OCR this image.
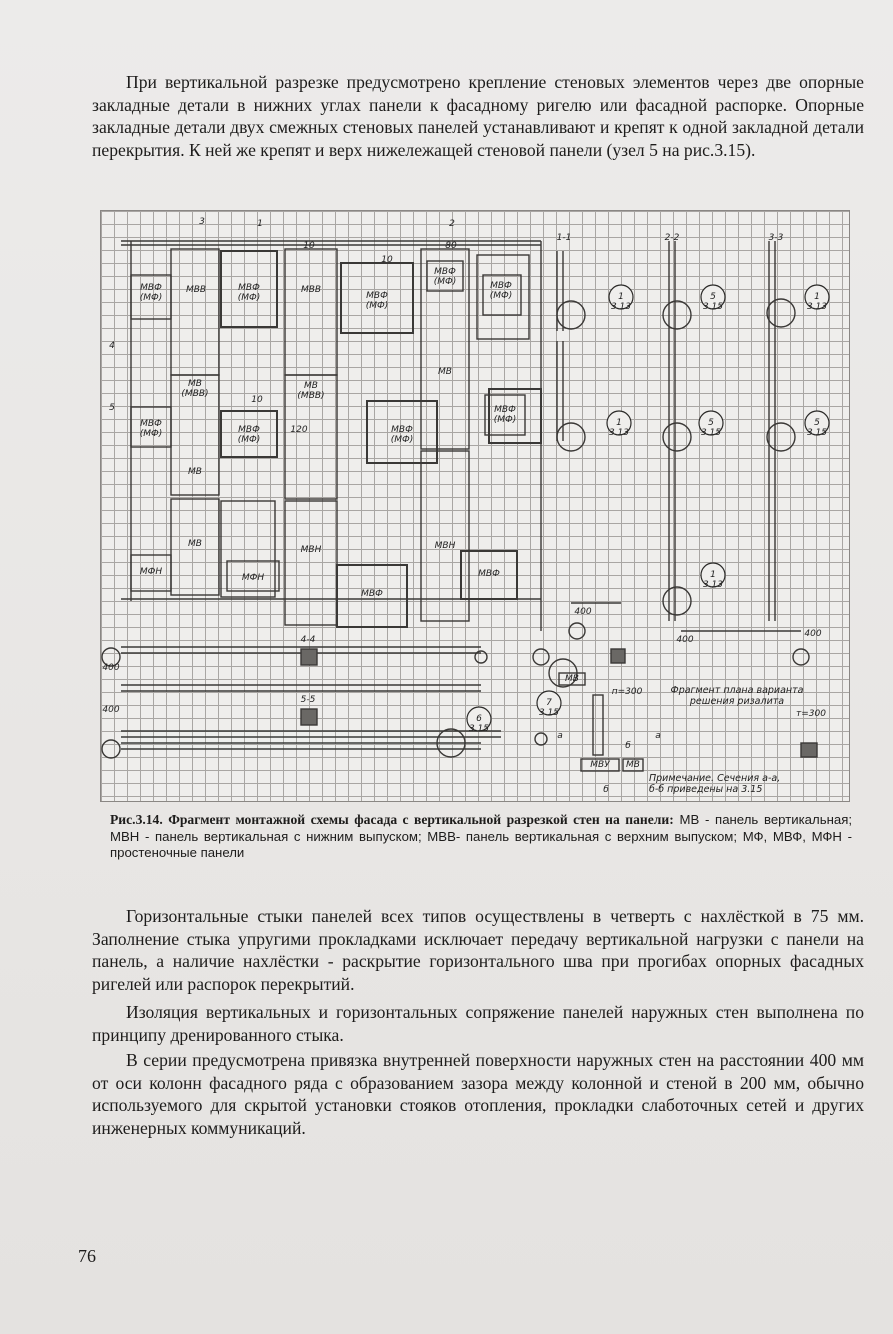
При вертикальной разрезке предусмотрено крепление стеновых элементов через две опорные закладные детали в нижних углах панели к фасадному ригелю или фасадной распорке. Опорные закладные детали двух смежных стеновых панелей устанавливают и крепят к одной закладной детали перекрытия. К ней же крепят и верх нижележащей стеновой панели (узел 5 на рис.3.15).

МВФ
(МФ)
МВВ	МВФ
(МФ)
МВВ
МВФ
(МФ)
МВФ
(МФ)	МВФ
(МФ)
МВ
(МВВ)
МВ
(МВВ)
МВ
МВФ
(МФ)	МВФ
(МФ)
МВФ
(МФ)
МВФ
(МФ)
МВ
МВ
МВН	МВН
МФН
МФН
МВФ
МВФ
МВ
МВУ	МВ
1-1	2-2	3-3
4-4
5-5
1
3.13
5
3.15
1
3.13
1
3.13
5
3.15
5
3.15
1
3.13
7
3.15
6
3.15
400
400
400
400
400
п=300
т=300
10
10
10
120
80
а	а
б
б
1	2
3
4
5
Фрагмент плана варианта
решения ризалита
Примечание. Сечения а-а,
б-б приведены на 3.15
Рис.3.14. Фрагмент монтажной схемы фасада с вертикальной разрезкой стен на панели: МВ - панель вертикальная; МВН - панель вертикальная с нижним выпуском; МВВ- панель вертикальная с верхним выпуском; МФ, МВФ, МФН - простеночные панели

Горизонтальные стыки панелей всех типов осуществлены в четверть с нахлёсткой в 75 мм. Заполнение стыка упругими прокладками исключает передачу вертикальной нагрузки с панели на панель, а наличие нахлёстки - раскрытие горизонтального шва при прогибах опорных фасадных ригелей или распорок перекрытий.

Изоляция вертикальных и горизонтальных сопряжение панелей наружных стен выполнена по принципу дренированного стыка.

В серии предусмотрена привязка внутренней поверхности наружных стен на расстоянии 400 мм от оси колонн фасадного ряда с образованием зазора между колонной и стеной в 200 мм, обычно используемого для скрытой установки стояков отопления, прокладки слаботочных сетей и других инженерных коммуникаций.

76
